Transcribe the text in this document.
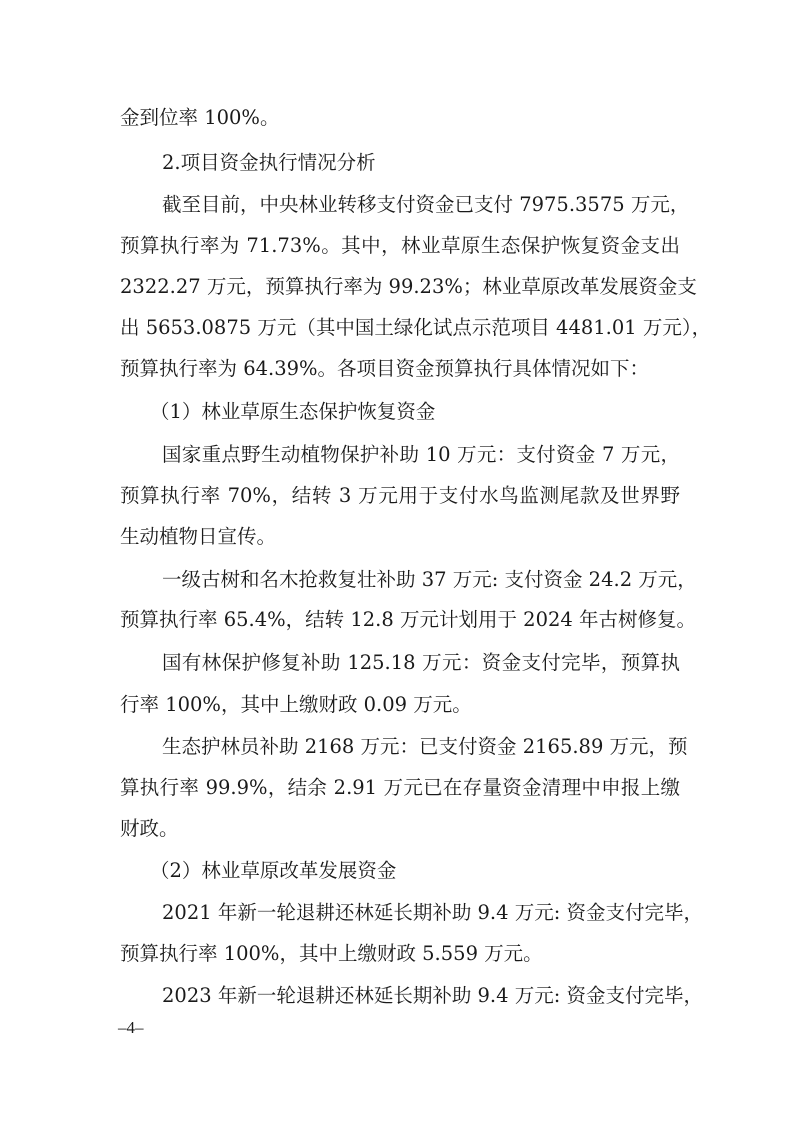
金到位率 100%。
2.项目资金执行情况分析
截至目前，中央林业转移支付资金已支付 7975.3575 万元，
预算执行率为 71.73%。其中，林业草原生态保护恢复资金支出
2322.27 万元，预算执行率为 99.23%；林业草原改革发展资金支
出 5653.0875 万元（其中国土绿化试点示范项目 4481.01 万元），
预算执行率为 64.39%。各项目资金预算执行具体情况如下：
（1）林业草原生态保护恢复资金
国家重点野生动植物保护补助 10 万元：支付资金 7 万元，
预算执行率 70%，结转 3 万元用于支付水鸟监测尾款及世界野
生动植物日宣传。
一级古树和名木抢救复壮补助 37 万元: 支付资金 24.2 万元，
预算执行率 65.4%，结转 12.8 万元计划用于 2024 年古树修复。
国有林保护修复补助 125.18 万元：资金支付完毕，预算执
行率 100%，其中上缴财政 0.09 万元。
生态护林员补助 2168 万元：已支付资金 2165.89 万元，预
算执行率 99.9%，结余 2.91 万元已在存量资金清理中申报上缴
财政。
（2）林业草原改革发展资金
2021 年新一轮退耕还林延长期补助 9.4 万元: 资金支付完毕，
预算执行率 100%，其中上缴财政 5.559 万元。
2023 年新一轮退耕还林延长期补助 9.4 万元: 资金支付完毕，
–4–
